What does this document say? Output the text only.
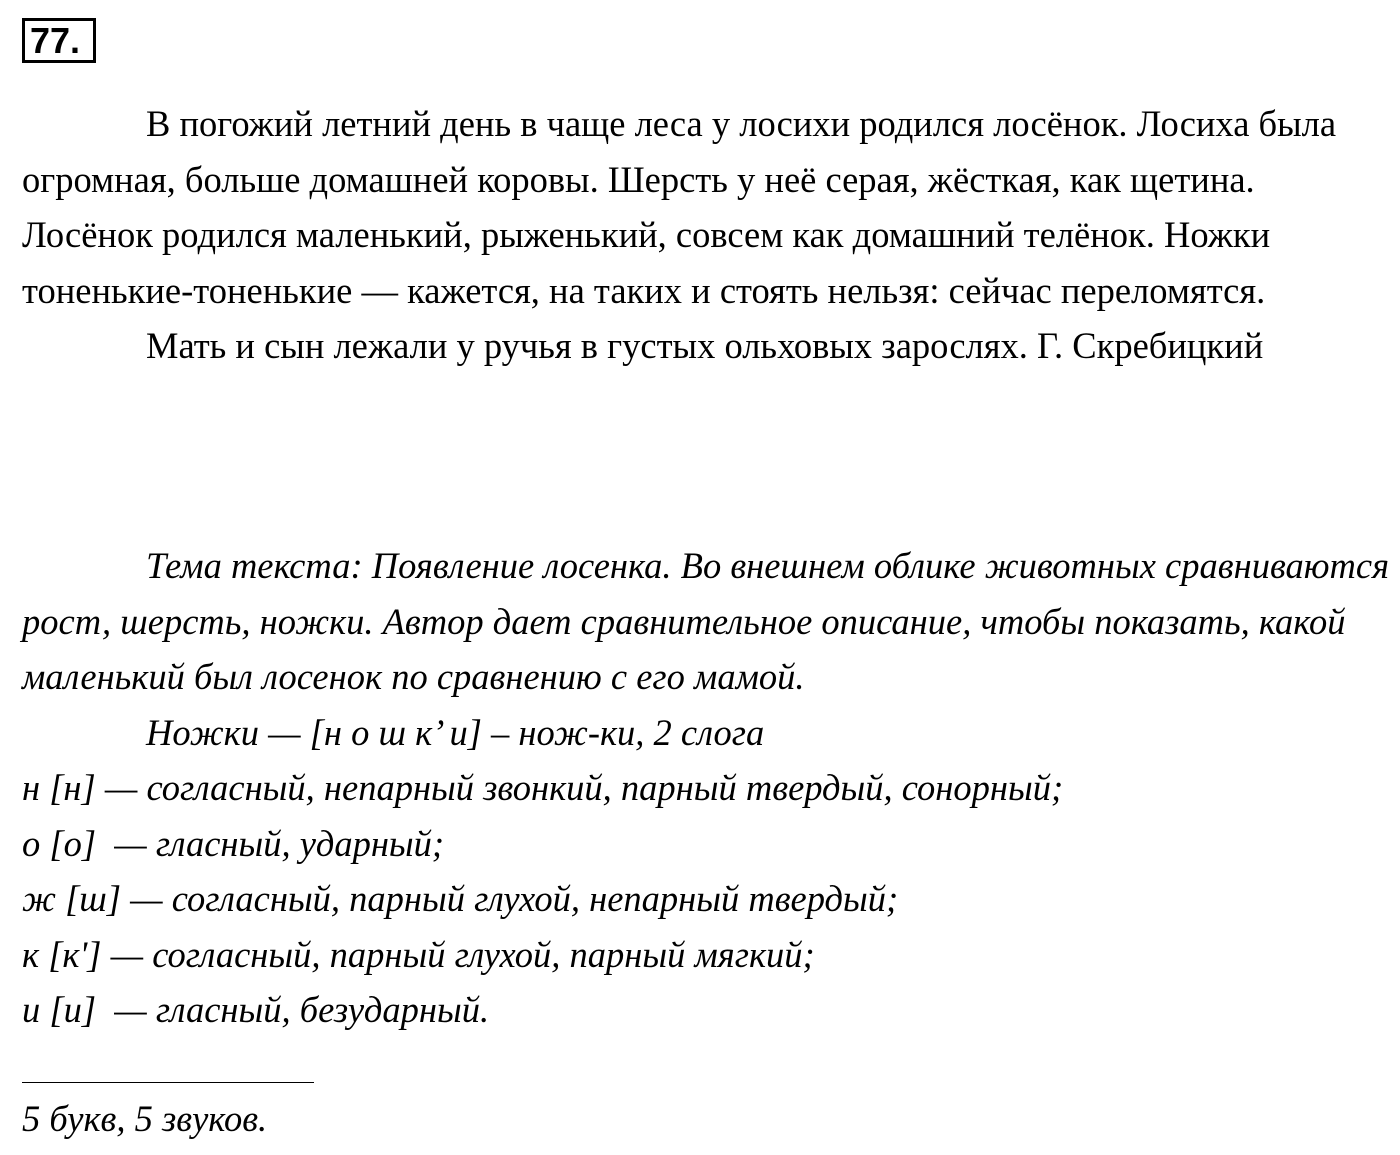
77.

В погожий летний день в чаще леса у лосихи родился лосёнок. Лосиха была огромная, больше домашней коровы. Шерсть у неё серая, жёсткая, как щетина. Лосёнок родился маленький, рыженький, совсем как домашний телёнок. Ножки тоненькие-тоненькие — кажется, на таких и стоять нельзя: сейчас переломятся.

Мать и сын лежали у ручья в густых ольховых зарослях. Г. Скребицкий

Тема текста: Появление лосенка. Во внешнем облике животных сравниваются рост, шерсть, ножки. Автор дает сравнительное описание, чтобы показать, какой маленький был лосенок по сравнению с его мамой.

Ножки — [н о ш к’ и] – нож-ки, 2 слога

н [н] — согласный, непарный звонкий, парный твердый, сонорный;

о [о]  — гласный, ударный;

ж [ш] — согласный, парный глухой, непарный твердый;

к [к'] — согласный, парный глухой, парный мягкий;

и [и]  — гласный, безударный.

5 букв, 5 звуков.
